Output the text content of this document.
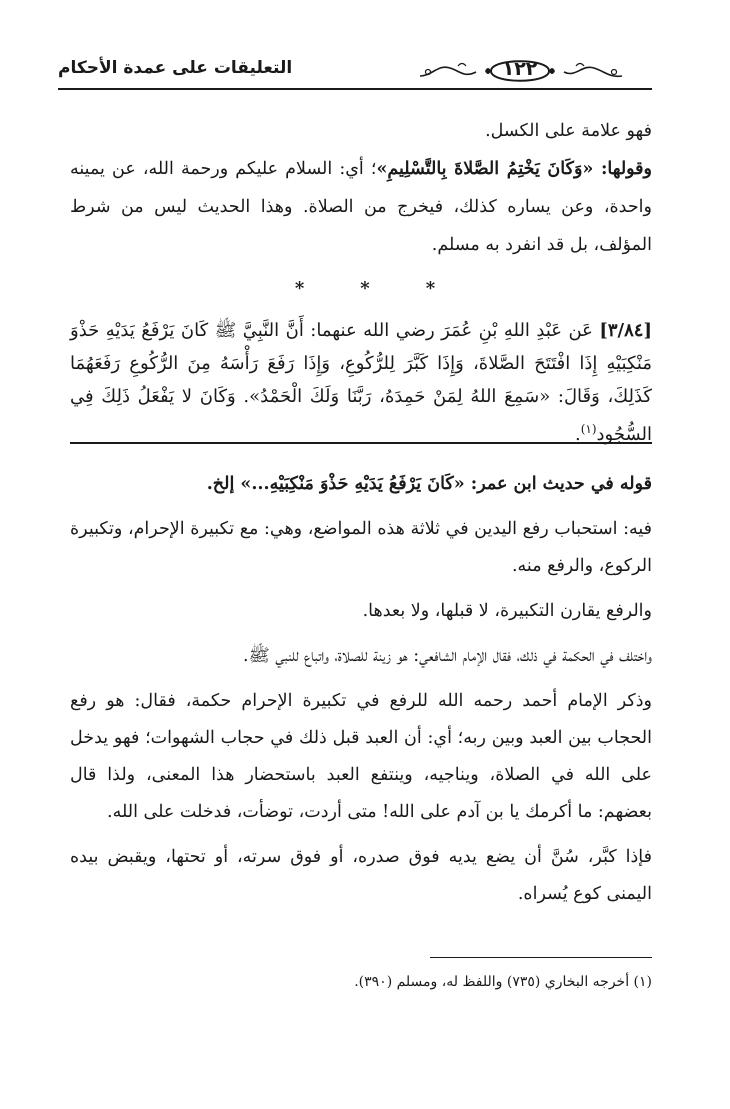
التعليقات على عمدة الأحكام	١٢٢

فهو علامة على الكسل.

وقولها: «وَكَانَ يَخْتِمُ الصَّلاةَ بِالتَّسْلِيمِ»؛ أي: السلام عليكم ورحمة الله، عن يمينه واحدة، وعن يساره كذلك، فيخرج من الصلاة. وهذا الحديث ليس من شرط المؤلف، بل قد انفرد به مسلم.

***
[٣/٨٤] عَن عَبْدِ اللهِ بْنِ عُمَرَ رضي الله عنهما: أَنَّ النَّبِيَّ ﷺ كَانَ يَرْفَعُ يَدَيْهِ حَذْوَ مَنْكِبَيْهِ إِذَا افْتَتَحَ الصَّلاةَ، وَإِذَا كَبَّرَ لِلرُّكُوعِ، وَإِذَا رَفَعَ رَأْسَهُ مِنَ الرُّكُوعِ رَفَعَهُمَا كَذَلِكَ، وَقَالَ: «سَمِعَ اللهُ لِمَنْ حَمِدَهُ، رَبَّنَا وَلَكَ الْحَمْدُ». وَكَانَ لا يَفْعَلُ ذَلِكَ فِي السُّجُودِ$^{(١)}$.

قوله في حديث ابن عمر: «كَانَ يَرْفَعُ يَدَيْهِ حَذْوَ مَنْكِبَيْهِ...» إلخ.

فيه: استحباب رفع اليدين في ثلاثة هذه المواضع، وهي: مع تكبيرة الإحرام، وتكبيرة الركوع، والرفع منه.

والرفع يقارن التكبيرة، لا قبلها، ولا بعدها.

واختلف في الحكمة في ذلك، فقال الإمام الشافعي: هو زينة للصلاة، واتباع للنبي ﷺ.

وذكر الإمام أحمد رحمه الله للرفع في تكبيرة الإحرام حكمة، فقال: هو رفع الحجاب بين العبد وبين ربه؛ أي: أن العبد قبل ذلك في حجاب الشهوات؛ فهو يدخل على الله في الصلاة، ويناجيه، وينتفع العبد باستحضار هذا المعنى، ولذا قال بعضهم: ما أكرمك يا بن آدم على الله! متى أردت، توضأت، فدخلت على الله.

فإذا كبَّر، سُنَّ أن يضع يديه فوق صدره، أو فوق سرته، أو تحتها، ويقبض بيده اليمنى كوع يُسراه.

(١) أخرجه البخاري (٧٣٥) واللفظ له، ومسلم (٣٩٠).
